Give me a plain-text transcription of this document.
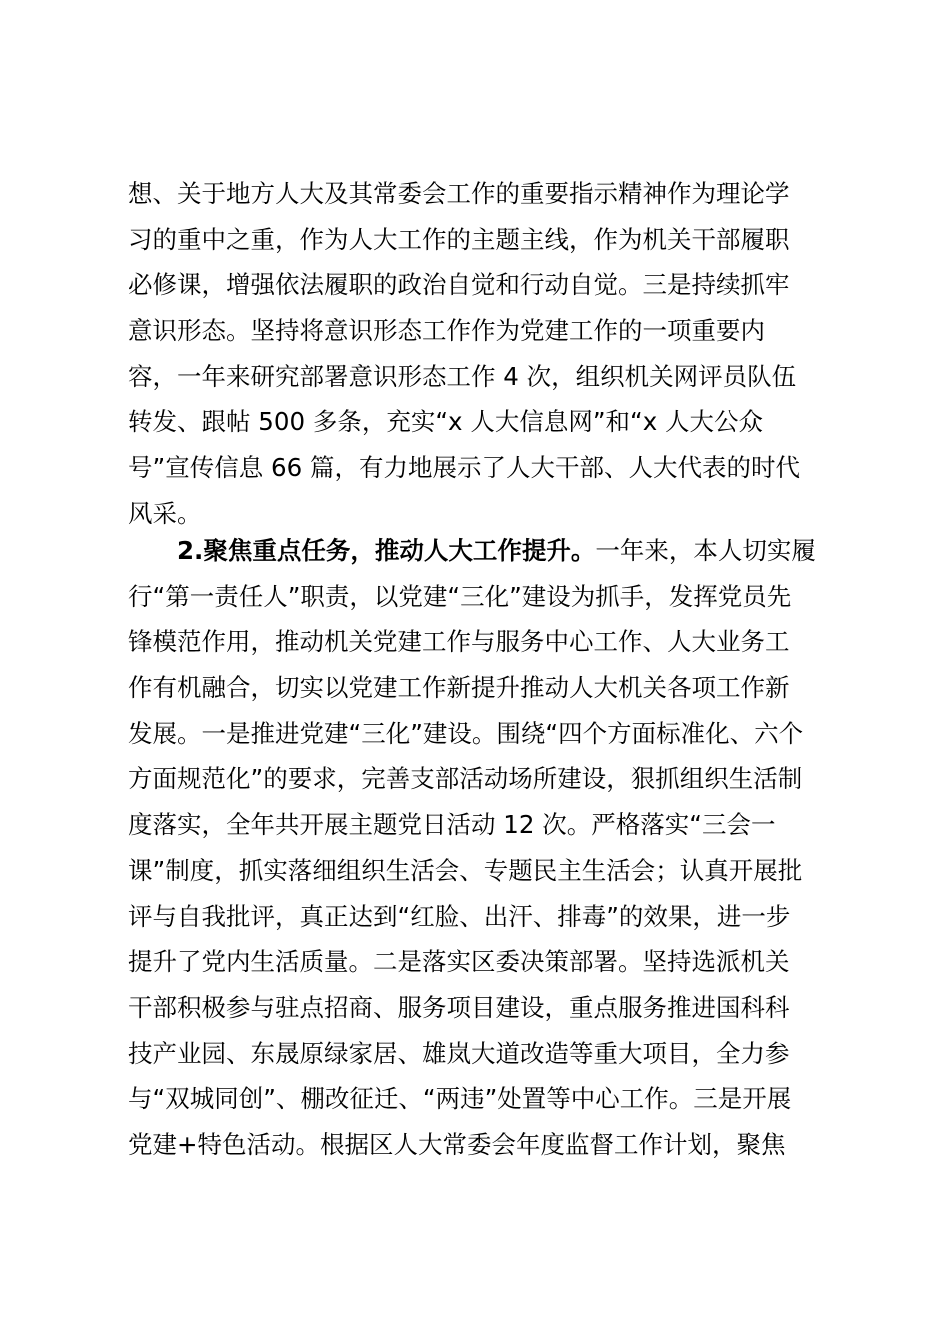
想、关于地方人大及其常委会工作的重要指示精神作为理论学
习的重中之重，作为人大工作的主题主线，作为机关干部履职
必修课，增强依法履职的政治自觉和行动自觉。三是持续抓牢
意识形态。坚持将意识形态工作作为党建工作的一项重要内
容，一年来研究部署意识形态工作 4 次，组织机关网评员队伍
转发、跟帖 500 多条，充实“x 人大信息网”和“x 人大公众
号”宣传信息 66 篇，有力地展示了人大干部、人大代表的时代
风采。
2.聚焦重点任务，推动人大工作提升。一年来，本人切实履
行“第一责任人”职责，以党建“三化”建设为抓手，发挥党员先
锋模范作用，推动机关党建工作与服务中心工作、人大业务工
作有机融合，切实以党建工作新提升推动人大机关各项工作新
发展。一是推进党建“三化”建设。围绕“四个方面标准化、六个
方面规范化”的要求，完善支部活动场所建设，狠抓组织生活制
度落实，全年共开展主题党日活动 12 次。严格落实“三会一
课”制度，抓实落细组织生活会、专题民主生活会；认真开展批
评与自我批评，真正达到“红脸、出汗、排毒”的效果，进一步
提升了党内生活质量。二是落实区委决策部署。坚持选派机关
干部积极参与驻点招商、服务项目建设，重点服务推进国科科
技产业园、东晟原绿家居、雄岚大道改造等重大项目，全力参
与“双城同创”、棚改征迁、“两违”处置等中心工作。三是开展
党建+特色活动。根据区人大常委会年度监督工作计划，聚焦
